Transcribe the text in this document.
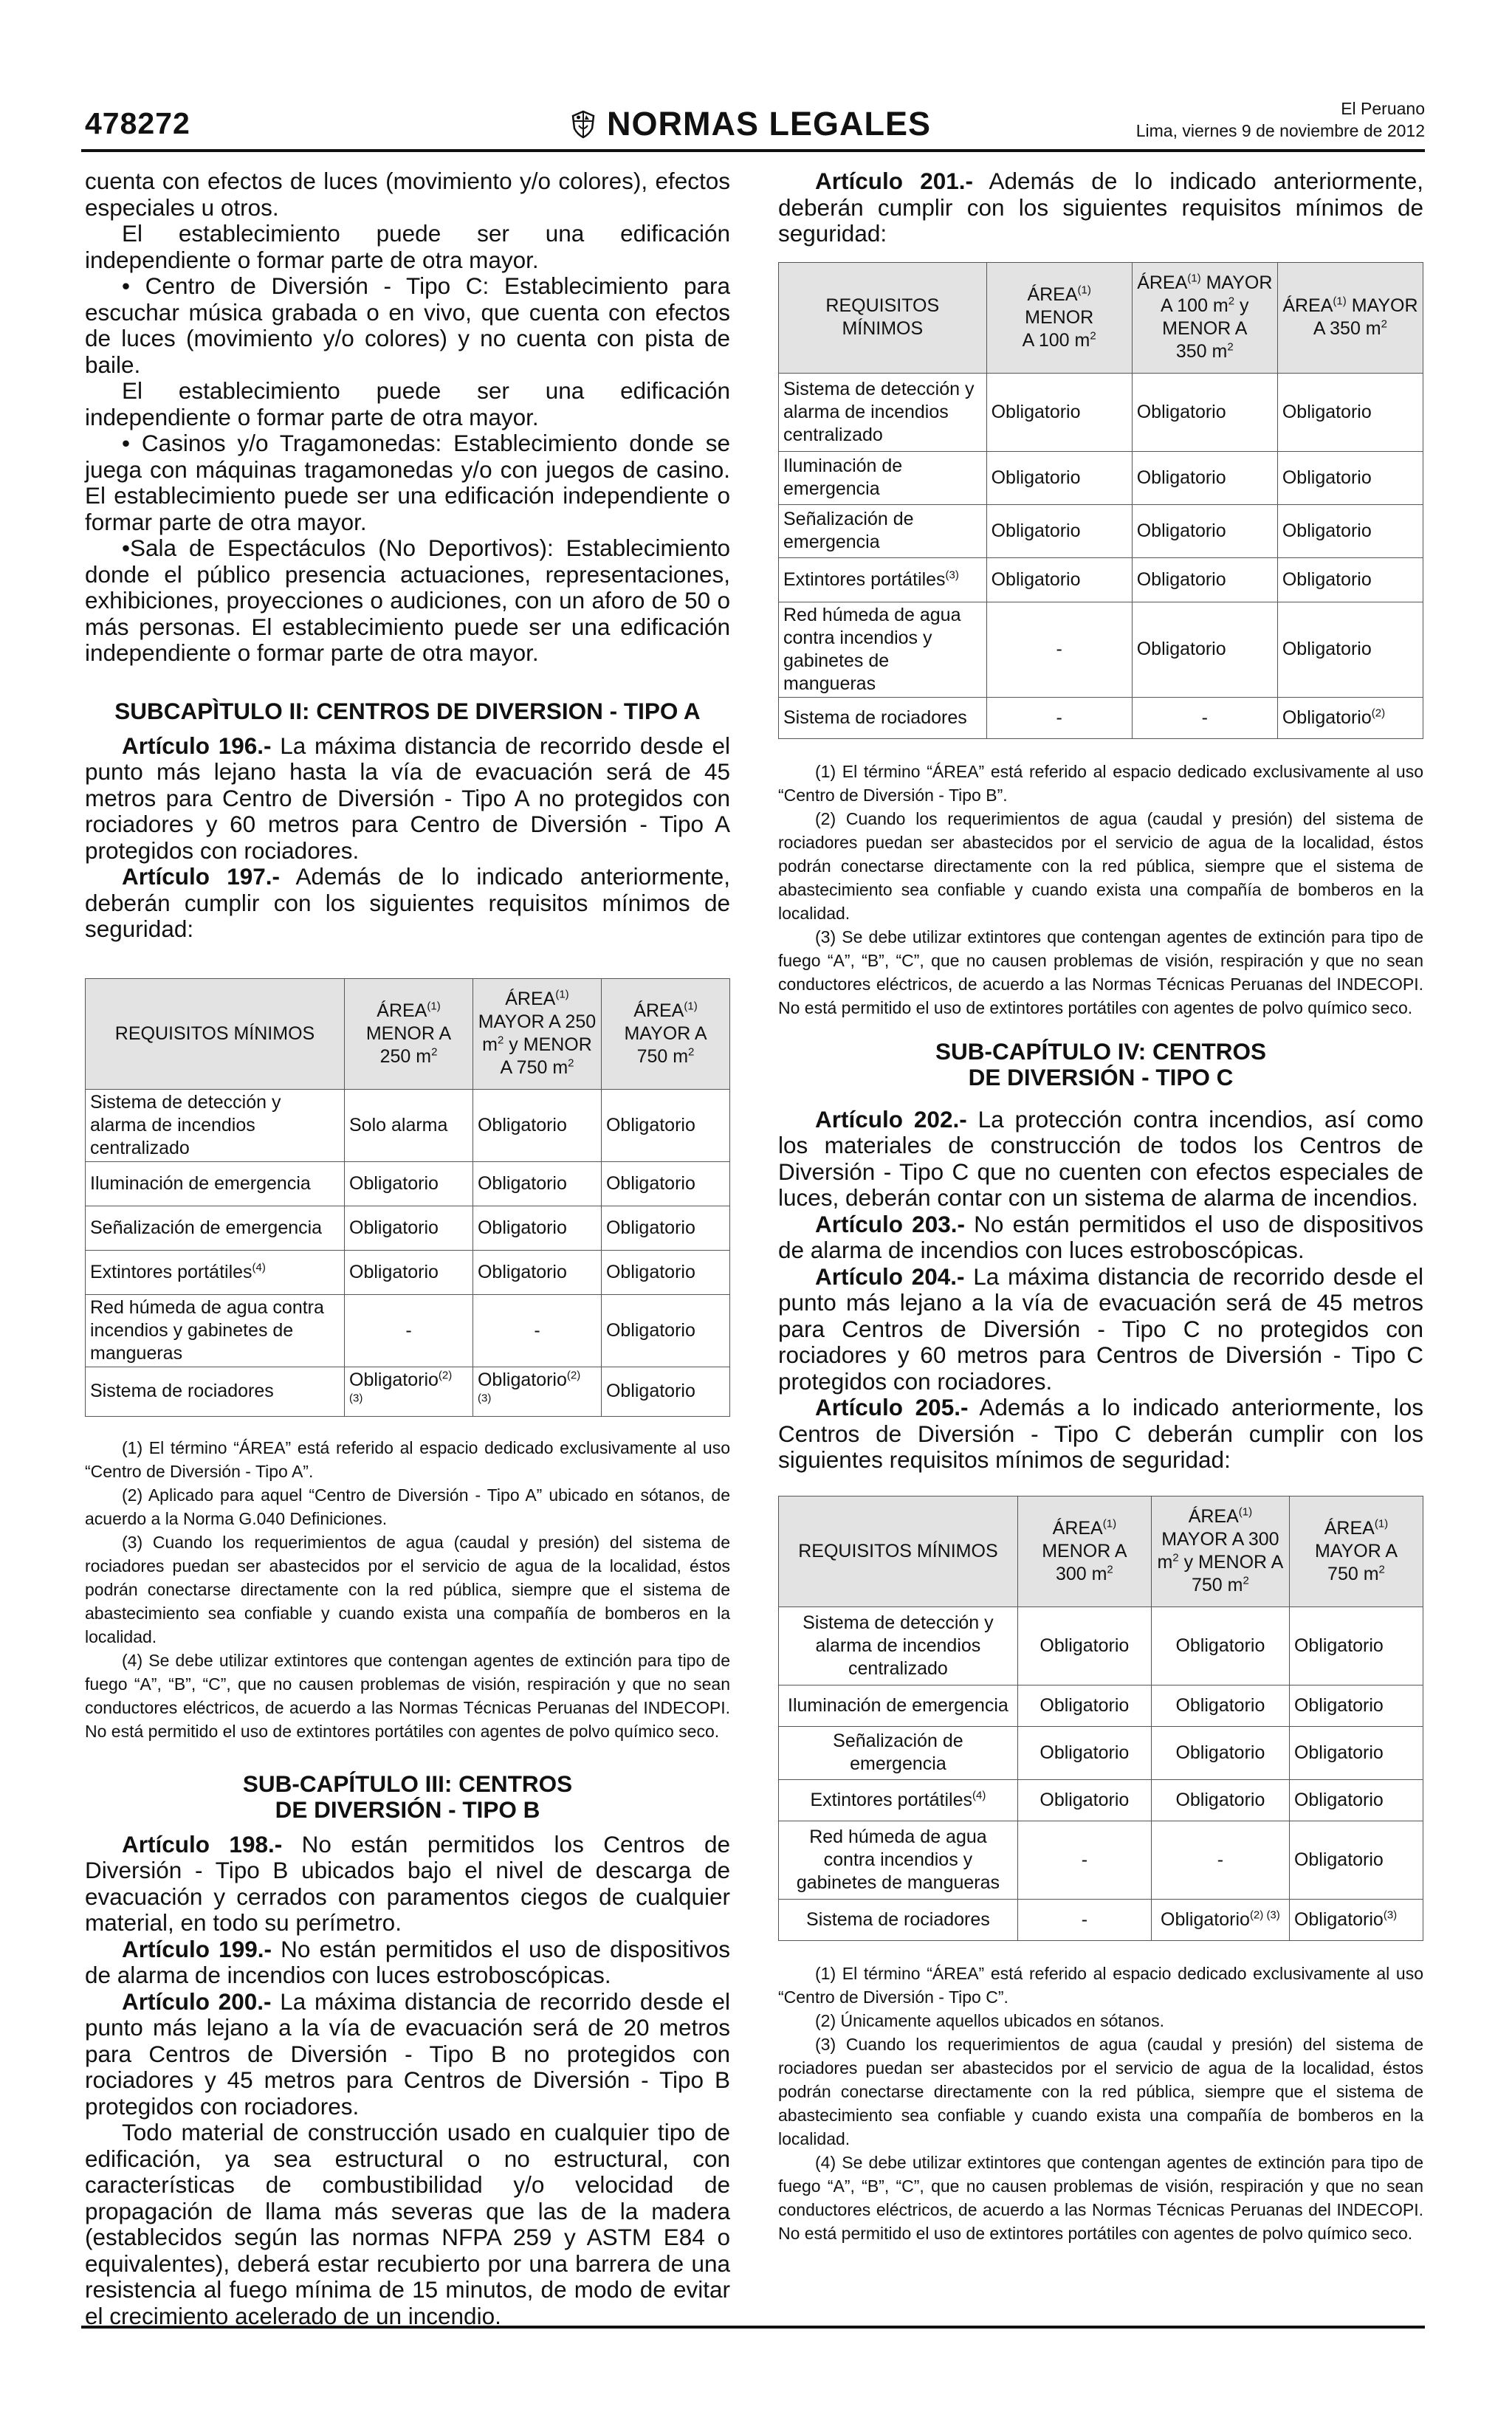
478272	NORMAS LEGALES	El Peruano
Lima, viernes 9 de noviembre de 2012

cuenta con efectos de luces (movimiento y/o colores), efectos especiales u otros.

El establecimiento puede ser una edificación independiente o formar parte de otra mayor.

• Centro de Diversión - Tipo C: Establecimiento para escuchar música grabada o en vivo, que cuenta con efectos de luces (movimiento y/o colores) y no cuenta con pista de baile.

El establecimiento puede ser una edificación independiente o formar parte de otra mayor.

• Casinos y/o Tragamonedas: Establecimiento donde se juega con máquinas tragamonedas y/o con juegos de casino. El establecimiento puede ser una edificación independiente o formar parte de otra mayor.

•Sala de Espectáculos (No Deportivos): Establecimiento donde el público presencia actuaciones, representaciones, exhibiciones, proyecciones o audiciones, con un aforo de 50 o más personas. El establecimiento puede ser una edificación independiente o formar parte de otra mayor.

SUBCAPÌTULO II: CENTROS DE DIVERSION - TIPO A

Artículo 196.- La máxima distancia de recorrido desde el punto más lejano hasta la vía de evacuación será de 45 metros para Centro de Diversión - Tipo A no protegidos con rociadores y 60 metros para Centro de Diversión - Tipo A protegidos con rociadores.

Artículo 197.- Además de lo indicado anteriormente, deberán cumplir con los siguientes requisitos mínimos de seguridad:

REQUISITOS MÍNIMOS	ÁREA$^{(1)}$
MENOR A
250 $m^2$	ÁREA$^{(1)}$
MAYOR A 250
$m^2$ y MENOR
A 750 $m^2$	ÁREA$^{(1)}$
MAYOR A
750 $m^2$
Sistema de detección y alarma de incendios centralizado	Solo alarma	Obligatorio	Obligatorio
Iluminación de emergencia	Obligatorio	Obligatorio	Obligatorio
Señalización de emergencia	Obligatorio	Obligatorio	Obligatorio
Extintores portátiles$^{(4)}$	Obligatorio	Obligatorio	Obligatorio
Red húmeda de agua contra incendios y gabinetes de mangueras	-	-	Obligatorio
Sistema de rociadores	Obligatorio$^{(2) (3)}$	Obligatorio$^{(2) (3)}$	Obligatorio

(1) El término “ÁREA” está referido al espacio dedicado exclusivamente al uso “Centro de Diversión - Tipo A”.

(2) Aplicado para aquel “Centro de Diversión - Tipo A” ubicado en sótanos, de acuerdo a la Norma G.040 Definiciones.

(3) Cuando los requerimientos de agua (caudal y presión) del sistema de rociadores puedan ser abastecidos por el servicio de agua de la localidad, éstos podrán conectarse directamente con la red pública, siempre que el sistema de abastecimiento sea confiable y cuando exista una compañía de bomberos en la localidad.

(4) Se debe utilizar extintores que contengan agentes de extinción para tipo de fuego “A”, “B”, “C”, que no causen problemas de visión, respiración y que no sean conductores eléctricos, de acuerdo a las Normas Técnicas Peruanas del INDECOPI. No está permitido el uso de extintores portátiles con agentes de polvo químico seco.

SUB-CAPÍTULO III: CENTROS
DE DIVERSIÓN - TIPO B

Artículo 198.- No están permitidos los Centros de Diversión - Tipo B ubicados bajo el nivel de descarga de evacuación y cerrados con paramentos ciegos de cualquier material, en todo su perímetro.

Artículo 199.- No están permitidos el uso de dispositivos de alarma de incendios con luces estroboscópicas.

Artículo 200.- La máxima distancia de recorrido desde el punto más lejano a la vía de evacuación será de 20 metros para Centros de Diversión - Tipo B no protegidos con rociadores y 45 metros para Centros de Diversión - Tipo B protegidos con rociadores.

Todo material de construcción usado en cualquier tipo de edificación, ya sea estructural o no estructural, con características de combustibilidad y/o velocidad de propagación de llama más severas que las de la madera (establecidos según las normas NFPA 259 y ASTM E84 o equivalentes), deberá estar recubierto por una barrera de una resistencia al fuego mínima de 15 minutos, de modo de evitar el crecimiento acelerado de un incendio.

Artículo 201.- Además de lo indicado anteriormente, deberán cumplir con los siguientes requisitos mínimos de seguridad:

REQUISITOS MÍNIMOS	ÁREA$^{(1)}$ MENOR
A 100 $m^2$	ÁREA$^{(1)}$ MAYOR
A 100 $m^2$ y
MENOR A
350 $m^2$	ÁREA$^{(1)}$ MAYOR
A 350 $m^2$
Sistema de detección y alarma de incendios centralizado	Obligatorio	Obligatorio	Obligatorio
Iluminación de emergencia	Obligatorio	Obligatorio	Obligatorio
Señalización de emergencia	Obligatorio	Obligatorio	Obligatorio
Extintores portátiles$^{(3)}$	Obligatorio	Obligatorio	Obligatorio
Red húmeda de agua contra incendios y gabinetes de mangueras	-	Obligatorio	Obligatorio
Sistema de rociadores	-	-	Obligatorio$^{(2)}$

(1) El término “ÁREA” está referido al espacio dedicado exclusivamente al uso “Centro de Diversión - Tipo B”.

(2) Cuando los requerimientos de agua (caudal y presión) del sistema de rociadores puedan ser abastecidos por el servicio de agua de la localidad, éstos podrán conectarse directamente con la red pública, siempre que el sistema de abastecimiento sea confiable y cuando exista una compañía de bomberos en la localidad.

(3) Se debe utilizar extintores que contengan agentes de extinción para tipo de fuego “A”, “B”, “C”, que no causen problemas de visión, respiración y que no sean conductores eléctricos, de acuerdo a las Normas Técnicas Peruanas del INDECOPI. No está permitido el uso de extintores portátiles con agentes de polvo químico seco.

SUB-CAPÍTULO IV: CENTROS
DE DIVERSIÓN - TIPO C

Artículo 202.- La protección contra incendios, así como los materiales de construcción de todos los Centros de Diversión - Tipo C que no cuenten con efectos especiales de luces, deberán contar con un sistema de alarma de incendios.

Artículo 203.- No están permitidos el uso de dispositivos de alarma de incendios con luces estroboscópicas.

Artículo 204.- La máxima distancia de recorrido desde el punto más lejano a la vía de evacuación será de 45 metros para Centros de Diversión - Tipo C no protegidos con rociadores y 60 metros para Centros de Diversión - Tipo C protegidos con rociadores.

Artículo 205.- Además a lo indicado anteriormente, los Centros de Diversión - Tipo C deberán cumplir con los siguientes requisitos mínimos de seguridad:

REQUISITOS MÍNIMOS	ÁREA$^{(1)}$
MENOR A
300 $m^2$	ÁREA$^{(1)}$
MAYOR A 300
$m^2$ y MENOR A
750 $m^2$	ÁREA$^{(1)}$
MAYOR A
750 $m^2$
Sistema de detección y alarma de incendios centralizado	Obligatorio	Obligatorio	Obligatorio
Iluminación de emergencia	Obligatorio	Obligatorio	Obligatorio
Señalización de emergencia	Obligatorio	Obligatorio	Obligatorio
Extintores portátiles$^{(4)}$	Obligatorio	Obligatorio	Obligatorio
Red húmeda de agua contra incendios y gabinetes de mangueras	-	-	Obligatorio
Sistema de rociadores	-	Obligatorio$^{(2) (3)}$	Obligatorio$^{(3)}$

(1) El término “ÁREA” está referido al espacio dedicado exclusivamente al uso “Centro de Diversión - Tipo C”.

(2) Únicamente aquellos ubicados en sótanos.

(3) Cuando los requerimientos de agua (caudal y presión) del sistema de rociadores puedan ser abastecidos por el servicio de agua de la localidad, éstos podrán conectarse directamente con la red pública, siempre que el sistema de abastecimiento sea confiable y cuando exista una compañía de bomberos en la localidad.

(4) Se debe utilizar extintores que contengan agentes de extinción para tipo de fuego “A”, “B”, “C”, que no causen problemas de visión, respiración y que no sean conductores eléctricos, de acuerdo a las Normas Técnicas Peruanas del INDECOPI. No está permitido el uso de extintores portátiles con agentes de polvo químico seco.
